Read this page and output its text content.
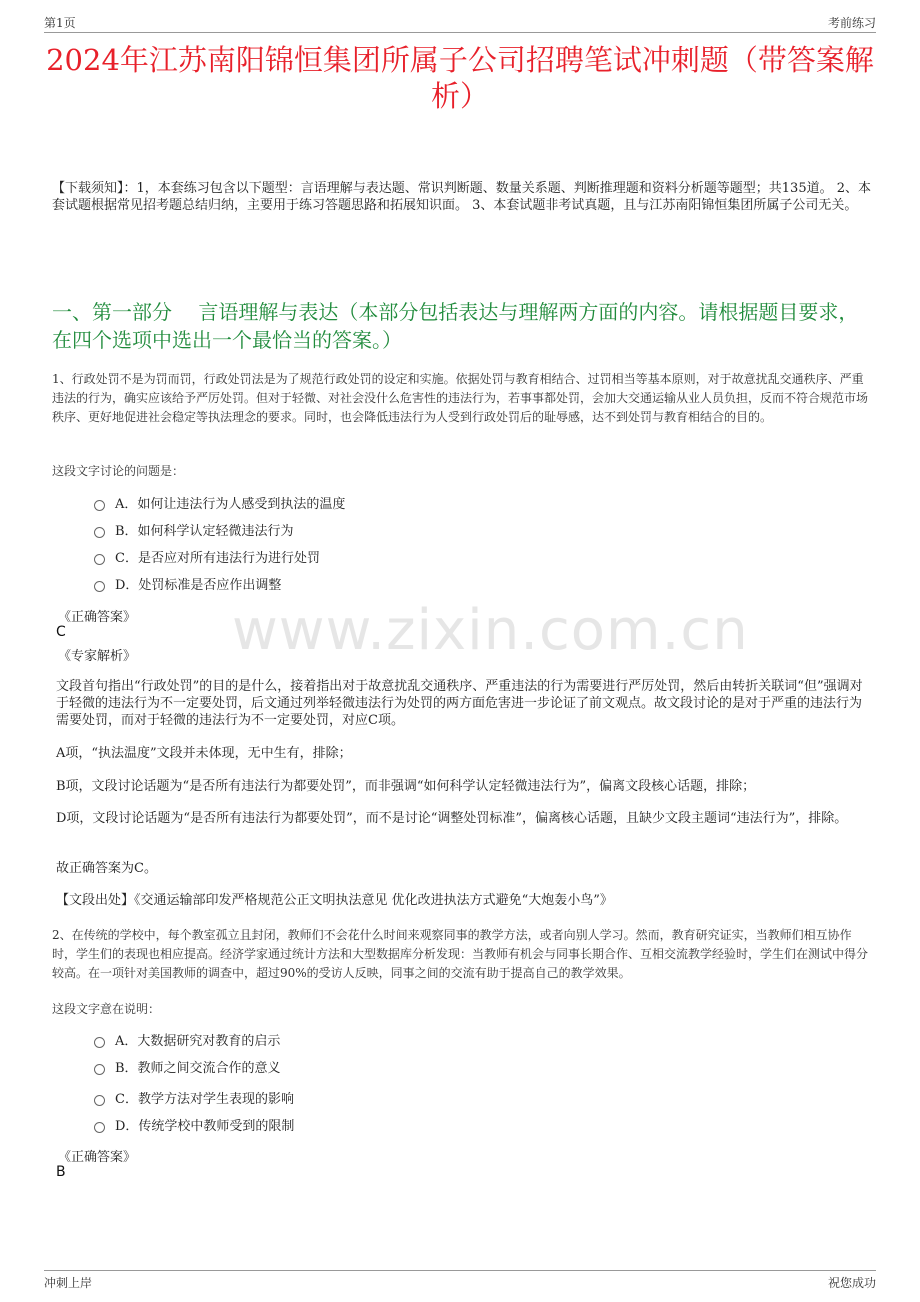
第1页	考前练习
2024年江苏南阳锦恒集团所属子公司招聘笔试冲刺题（带答案解析）
【下载须知】：1，本套练习包含以下题型：言语理解与表达题、常识判断题、数量关系题、判断推理题和资料分析题等题型；共135道。 2、本套试题根据常见招考题总结归纳，主要用于练习答题思路和拓展知识面。 3、本套试题非考试真题，且与江苏南阳锦恒集团所属子公司无关。
一、第一部分　 言语理解与表达（本部分包括表达与理解两方面的内容。请根据题目要求，在四个选项中选出一个最恰当的答案。）
www.zixin.com.cn
1、行政处罚不是为罚而罚，行政处罚法是为了规范行政处罚的设定和实施。依据处罚与教育相结合、过罚相当等基本原则，对于故意扰乱交通秩序、严重违法的行为，确实应该给予严厉处罚。但对于轻微、对社会没什么危害性的违法行为，若事事都处罚，会加大交通运输从业人员负担，反而不符合规范市场秩序、更好地促进社会稳定等执法理念的要求。同时，也会降低违法行为人受到行政处罚后的耻辱感，达不到处罚与教育相结合的目的。
这段文字讨论的问题是：
A．如何让违法行为人感受到执法的温度
B．如何科学认定轻微违法行为
C．是否应对所有违法行为进行处罚
D．处罚标准是否应作出调整
《正确答案》
C
《专家解析》
文段首句指出“行政处罚”的目的是什么，接着指出对于故意扰乱交通秩序、严重违法的行为需要进行严厉处罚，然后由转折关联词“但”强调对于轻微的违法行为不一定要处罚，后文通过列举轻微违法行为处罚的两方面危害进一步论证了前文观点。故文段讨论的是对于严重的违法行为需要处罚，而对于轻微的违法行为不一定要处罚，对应C项。
A项，“执法温度”文段并未体现，无中生有，排除；
B项，文段讨论话题为“是否所有违法行为都要处罚”，而非强调“如何科学认定轻微违法行为”，偏离文段核心话题，排除；
D项，文段讨论话题为“是否所有违法行为都要处罚”，而不是讨论“调整处罚标准”，偏离核心话题，且缺少文段主题词“违法行为”，排除。
故正确答案为C。
【文段出处】《交通运输部印发严格规范公正文明执法意见 优化改进执法方式避免“大炮轰小鸟”》
2、在传统的学校中，每个教室孤立且封闭，教师们不会花什么时间来观察同事的教学方法，或者向别人学习。然而，教育研究证实，当教师们相互协作时，学生们的表现也相应提高。经济学家通过统计方法和大型数据库分析发现：当教师有机会与同事长期合作、互相交流教学经验时，学生们在测试中得分较高。在一项针对美国教师的调查中，超过90%的受访人反映，同事之间的交流有助于提高自己的教学效果。
这段文字意在说明：
A．大数据研究对教育的启示
B．教师之间交流合作的意义
C．教学方法对学生表现的影响
D．传统学校中教师受到的限制
《正确答案》
B
冲刺上岸	祝您成功
